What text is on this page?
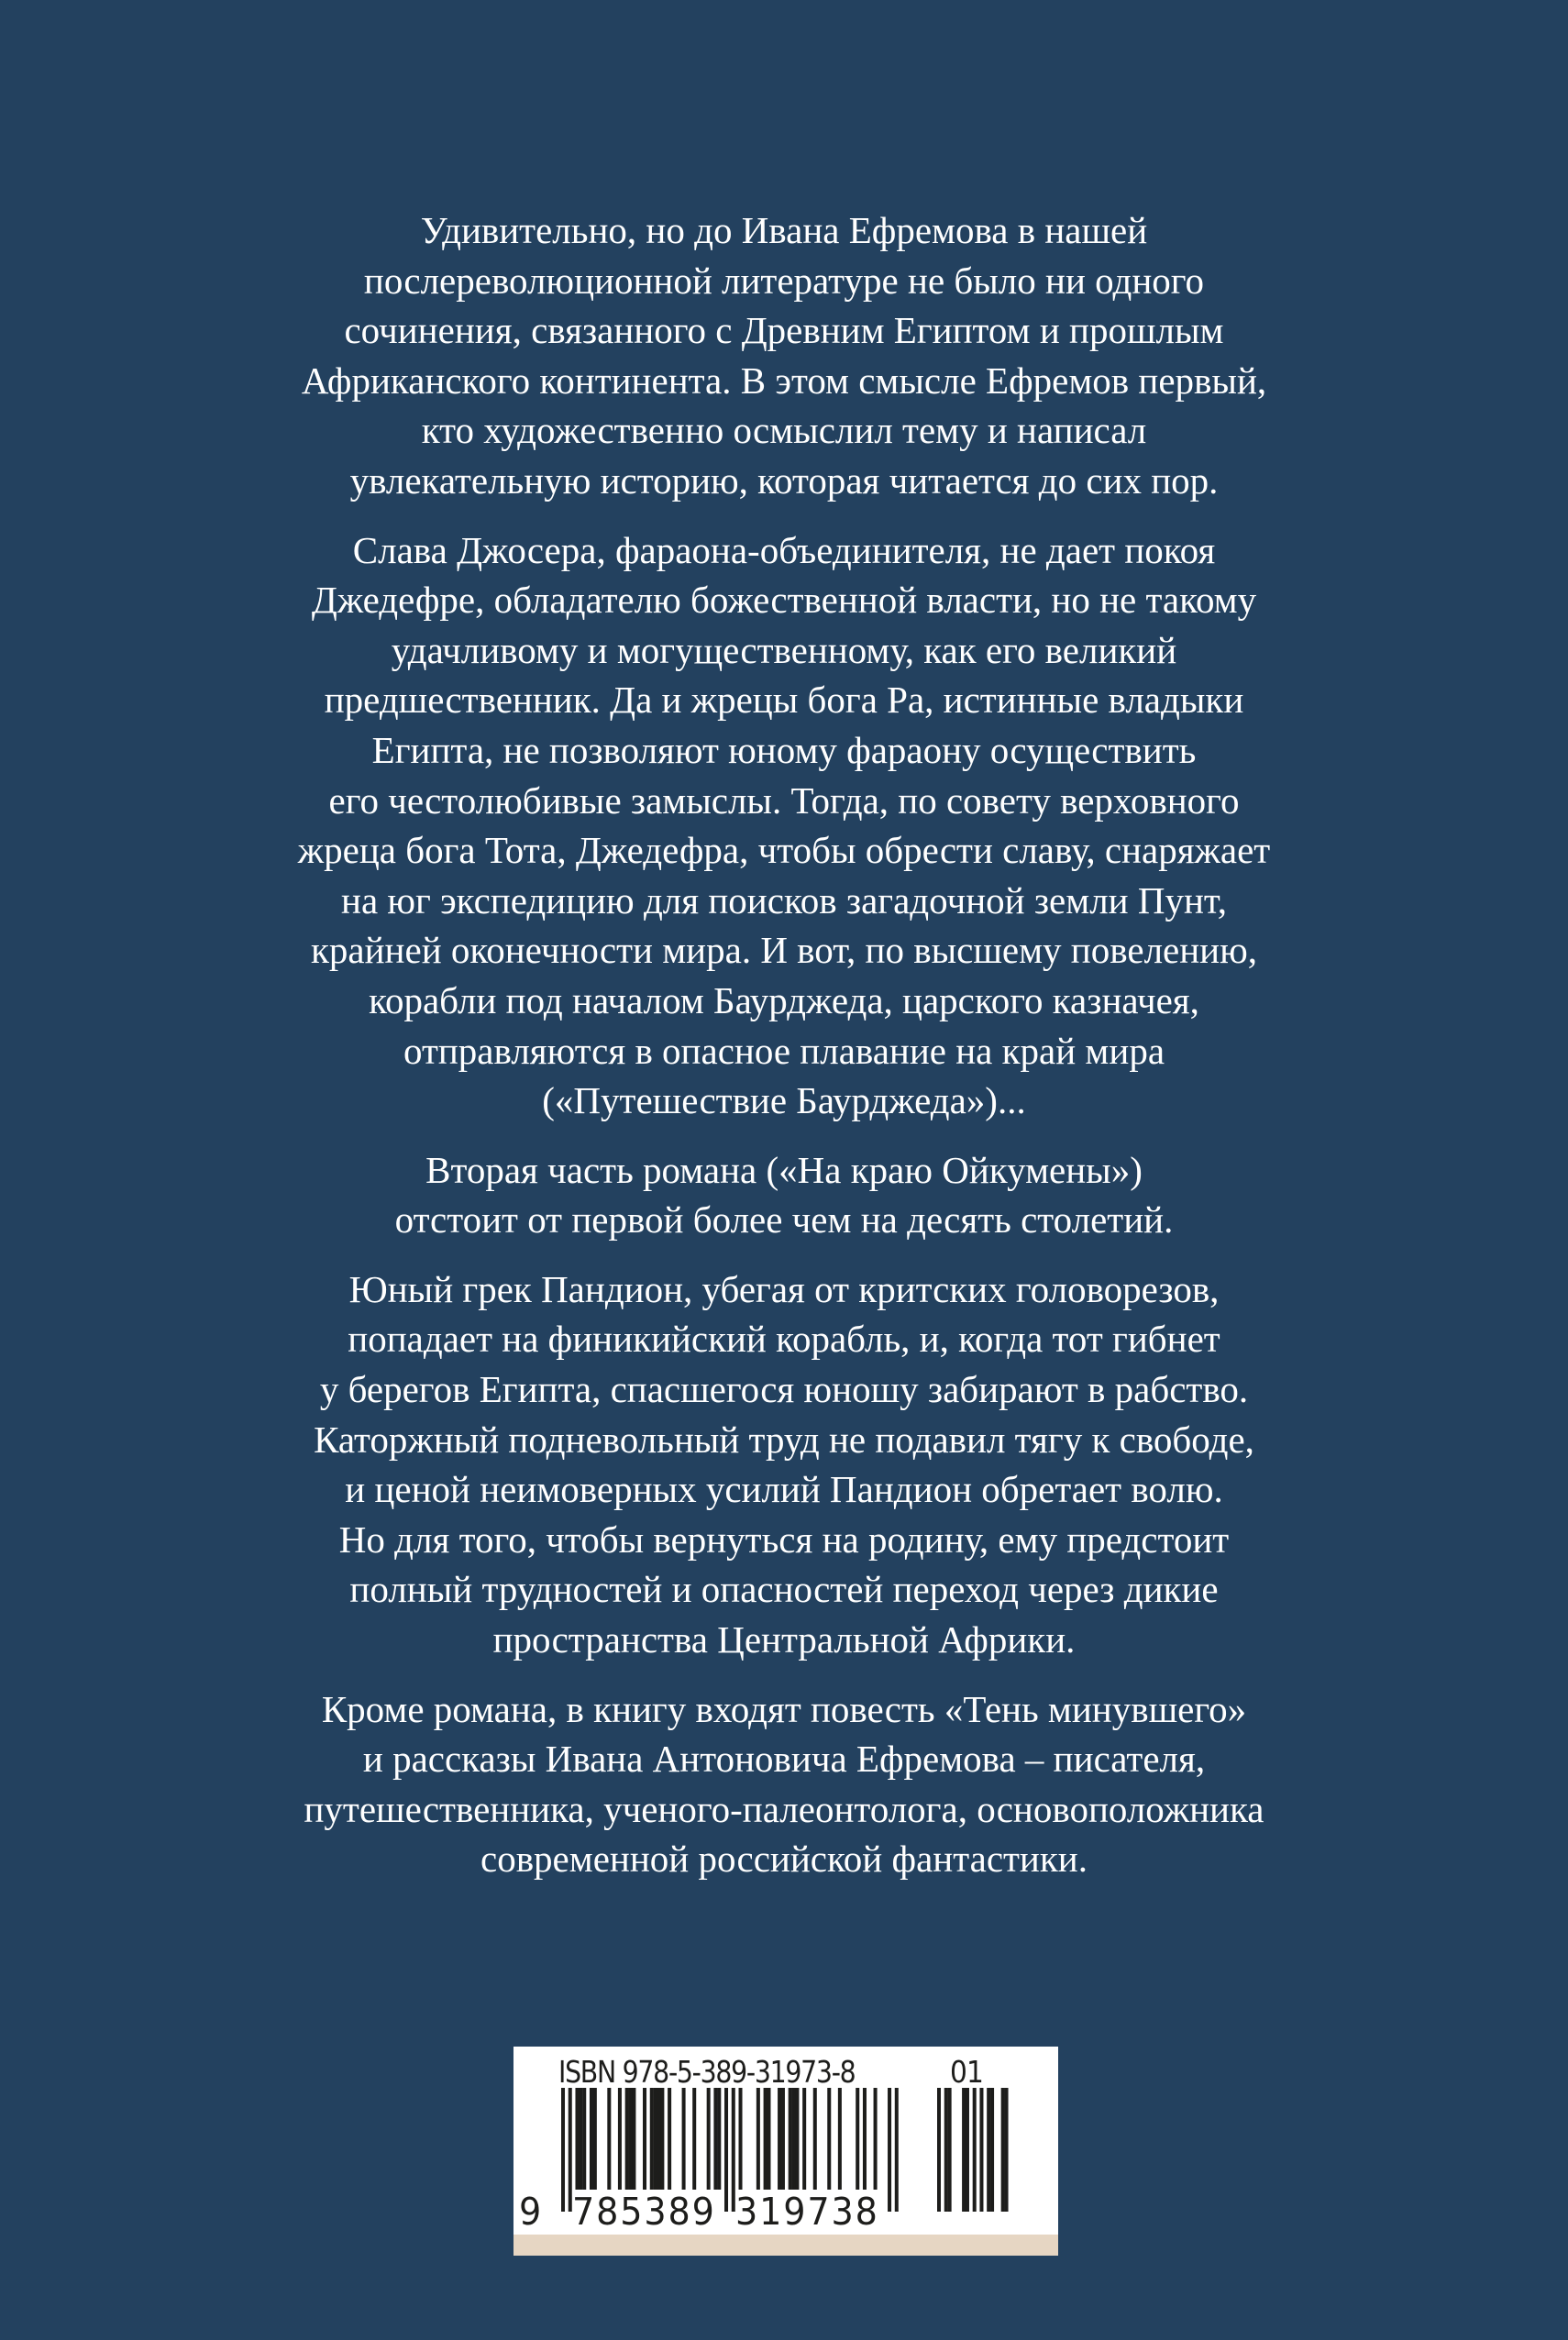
Удивительно, но до Ивана Ефремова в нашей
послереволюционной литературе не было ни одного
сочинения, связанного с Древним Египтом и прошлым
Африканского континента. В этом смысле Ефремов первый,
кто художественно осмыслил тему и написал
увлекательную историю, которая читается до сих пор.

Слава Джосера, фараона-объединителя, не дает покоя
Джедефре, обладателю божественной власти, но не такому
удачливому и могущественному, как его великий
предшественник. Да и жрецы бога Ра, истинные владыки
Египта, не позволяют юному фараону осуществить
его честолюбивые замыслы. Тогда, по совету верховного
жреца бога Тота, Джедефра, чтобы обрести славу, снаряжает
на юг экспедицию для поисков загадочной земли Пунт,
крайней оконечности мира. И вот, по высшему повелению,
корабли под началом Баурджеда, царского казначея,
отправляются в опасное плавание на край мира
(«Путешествие Баурджеда»)...

Вторая часть романа («На краю Ойкумены»)
отстоит от первой более чем на десять столетий.

Юный грек Пандион, убегая от критских головорезов,
попадает на финикийский корабль, и, когда тот гибнет
у берегов Египта, спасшегося юношу забирают в рабство.
Каторжный подневольный труд не подавил тягу к свободе,
и ценой неимоверных усилий Пандион обретает волю.
Но для того, чтобы вернуться на родину, ему предстоит
полный трудностей и опасностей переход через дикие
пространства Центральной Африки.

Кроме романа, в книгу входят повесть «Тень минувшего»
и рассказы Ивана Антоновича Ефремова – писателя,
путешественника, ученого-палеонтолога, основоположника
современной российской фантастики.

ISBN 978-5-389-31973-8	01
9 785389 319738
